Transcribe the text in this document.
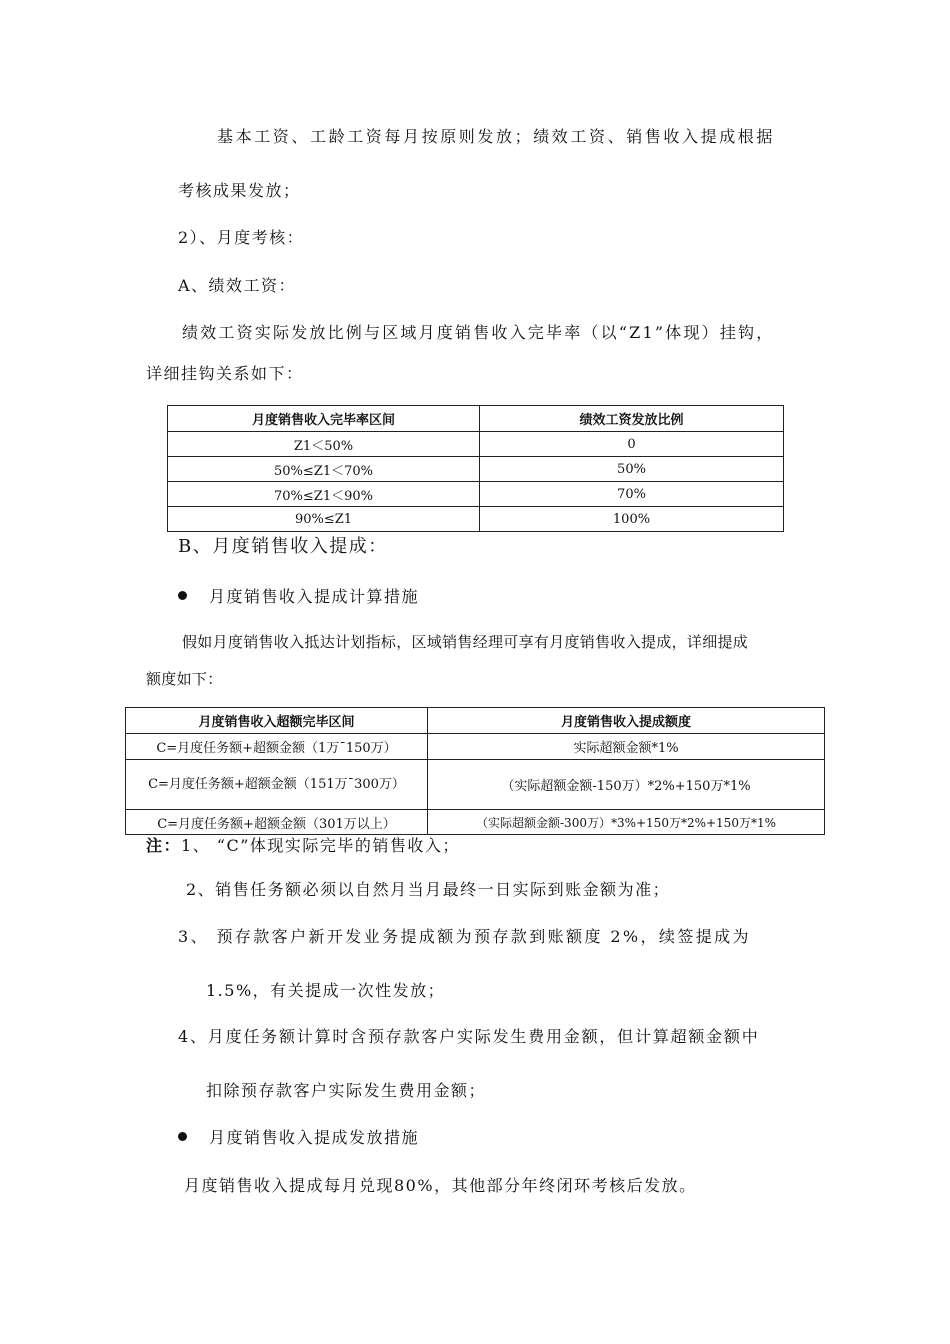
基本工资、工龄工资每月按原则发放；绩效工资、销售收入提成根据
考核成果发放；
2）、月度考核：
A、绩效工资：
绩效工资实际发放比例与区域月度销售收入完毕率（以“Z1”体现）挂钩，
详细挂钩关系如下：
月度销售收入完毕率区间	绩效工资发放比例
Z1＜50%	0
50%≤Z1＜70%	50%
70%≤Z1＜90%	70%
90%≤Z1	100%
B、月度销售收入提成：
月度销售收入提成计算措施
假如月度销售收入抵达计划指标，区域销售经理可享有月度销售收入提成，详细提成
额度如下：
月度销售收入超额完毕区间	月度销售收入提成额度
C=月度任务额+超额金额（1万¯150万）	实际超额金额*1%
C=月度任务额+超额金额（151万¯300万）	（实际超额金额-150万）*2%+150万*1%
C=月度任务额+超额金额（301万以上）	（实际超额金额-300万）*3%+150万*2%+150万*1%
注：1、 “C”体现实际完毕的销售收入；
2、销售任务额必须以自然月当月最终一日实际到账金额为准；
3、 预存款客户新开发业务提成额为预存款到账额度 2%，续签提成为
1.5%，有关提成一次性发放；
4、月度任务额计算时含预存款客户实际发生费用金额，但计算超额金额中
扣除预存款客户实际发生费用金额；
月度销售收入提成发放措施
月度销售收入提成每月兑现80%，其他部分年终闭环考核后发放。
